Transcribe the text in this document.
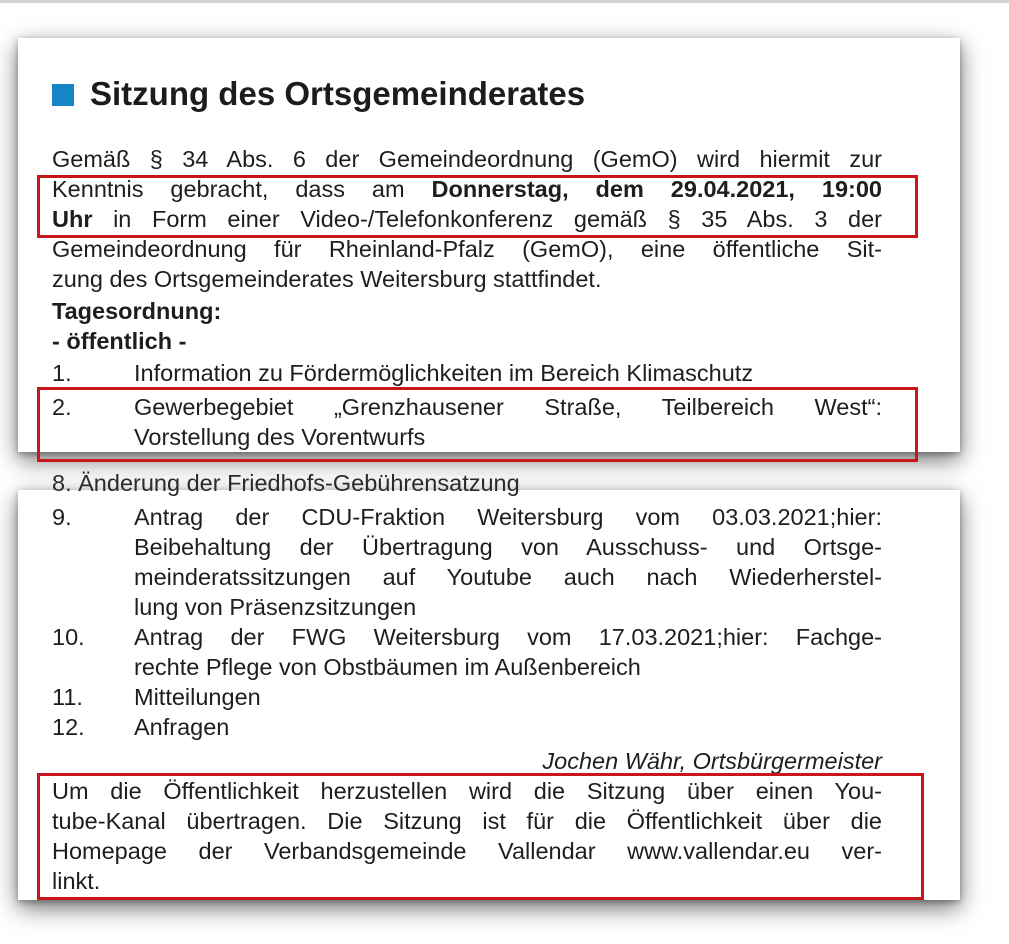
Sitzung des Ortsgemeinderates
Gemäß § 34 Abs. 6 der Gemeindeordnung (GemO) wird hiermit zur
Kenntnis gebracht, dass am Donnerstag, dem 29.04.2021, 19:00
Uhr in Form einer Video-/Telefonkonferenz gemäß § 35 Abs. 3 der
Gemeindeordnung für Rheinland-Pfalz (GemO), eine öffentliche Sit-
zung des Ortsgemeinderates Weitersburg stattfindet.
Tagesordnung:
- öffentlich -
1.	Information zu Fördermöglichkeiten im Bereich Klimaschutz
2.	Gewerbegebiet „Grenzhausener Straße, Teilbereich West“:
Vorstellung des Vorentwurfs
8. Änderung der Friedhofs-Gebührensatzung
9.	Antrag der CDU-Fraktion Weitersburg vom 03.03.2021;hier:
Beibehaltung der Übertragung von Ausschuss- und Ortsge-
meinderatssitzungen auf Youtube auch nach Wiederherstel-
lung von Präsenzsitzungen
10. Antrag der FWG Weitersburg vom 17.03.2021;hier: Fachge-
rechte Pflege von Obstbäumen im Außenbereich
11. Mitteilungen
12. Anfragen
Jochen Währ, Ortsbürgermeister
Um die Öffentlichkeit herzustellen wird die Sitzung über einen You-
tube-Kanal übertragen. Die Sitzung ist für die Öffentlichkeit über die
Homepage der Verbandsgemeinde Vallendar www.vallendar.eu ver-
linkt.
